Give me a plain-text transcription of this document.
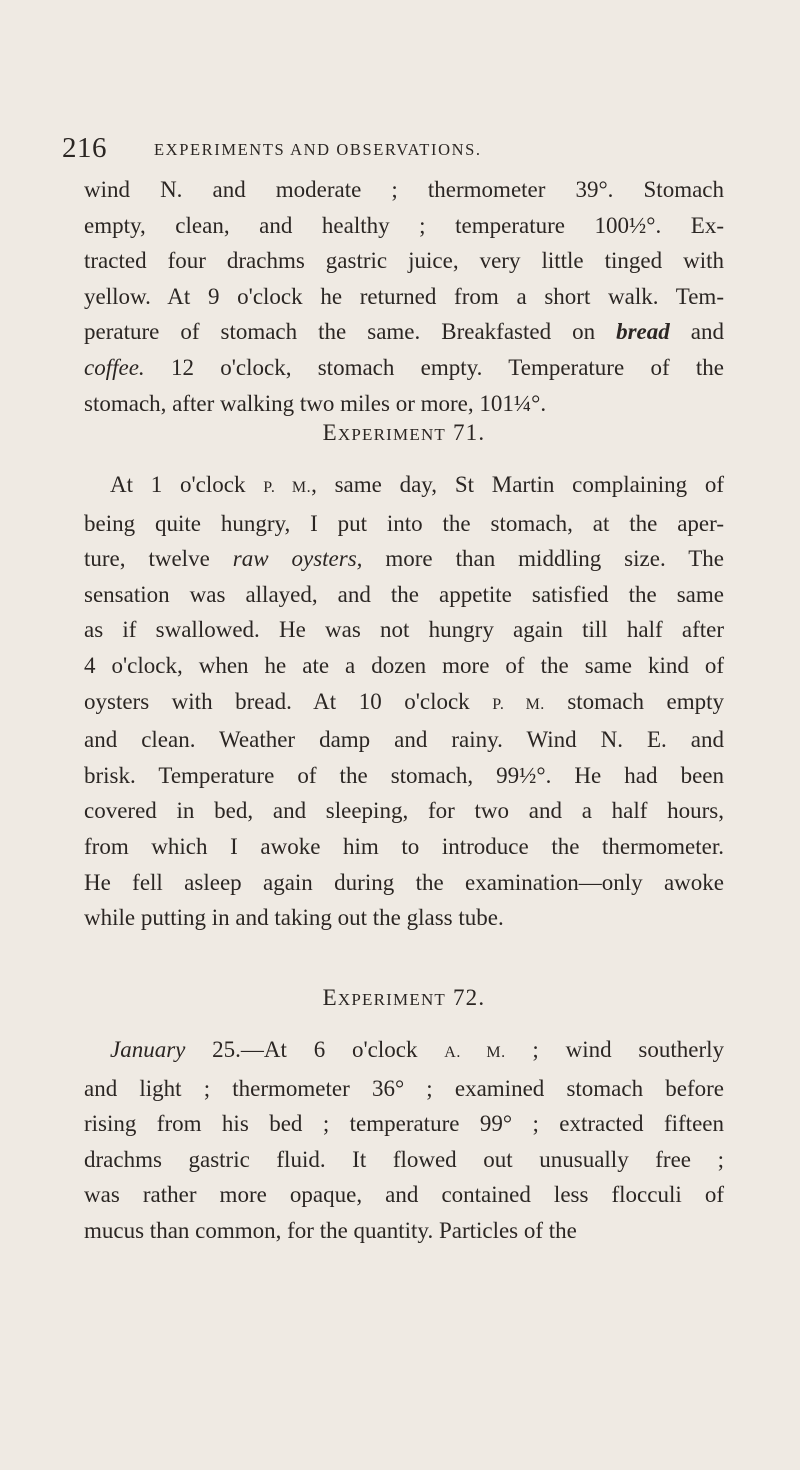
216	EXPERIMENTS AND OBSERVATIONS.
wind N. and moderate ; thermometer 39°. Stomach
empty, clean, and healthy ; temperature 100½°. Ex-
tracted four drachms gastric juice, very little tinged with
yellow. At 9 o'clock he returned from a short walk. Tem-
perature of stomach the same. Breakfasted on bread and
coffee. 12 o'clock, stomach empty. Temperature of the
stomach, after walking two miles or more, 101¼°.
EXPERIMENT 71.
At 1 o'clock P. M., same day, St Martin complaining of
being quite hungry, I put into the stomach, at the aper-
ture, twelve raw oysters, more than middling size. The
sensation was allayed, and the appetite satisfied the same
as if swallowed. He was not hungry again till half after
4 o'clock, when he ate a dozen more of the same kind of
oysters with bread. At 10 o'clock P. M. stomach empty
and clean. Weather damp and rainy. Wind N. E. and
brisk. Temperature of the stomach, 99½°. He had been
covered in bed, and sleeping, for two and a half hours,
from which I awoke him to introduce the thermometer.
He fell asleep again during the examination—only awoke
while putting in and taking out the glass tube.
EXPERIMENT 72.
January 25.—At 6 o'clock A. M. ; wind southerly
and light ; thermometer 36° ; examined stomach before
rising from his bed ; temperature 99° ; extracted fifteen
drachms gastric fluid. It flowed out unusually free ;
was rather more opaque, and contained less flocculi of
mucus than common, for the quantity. Particles of the
